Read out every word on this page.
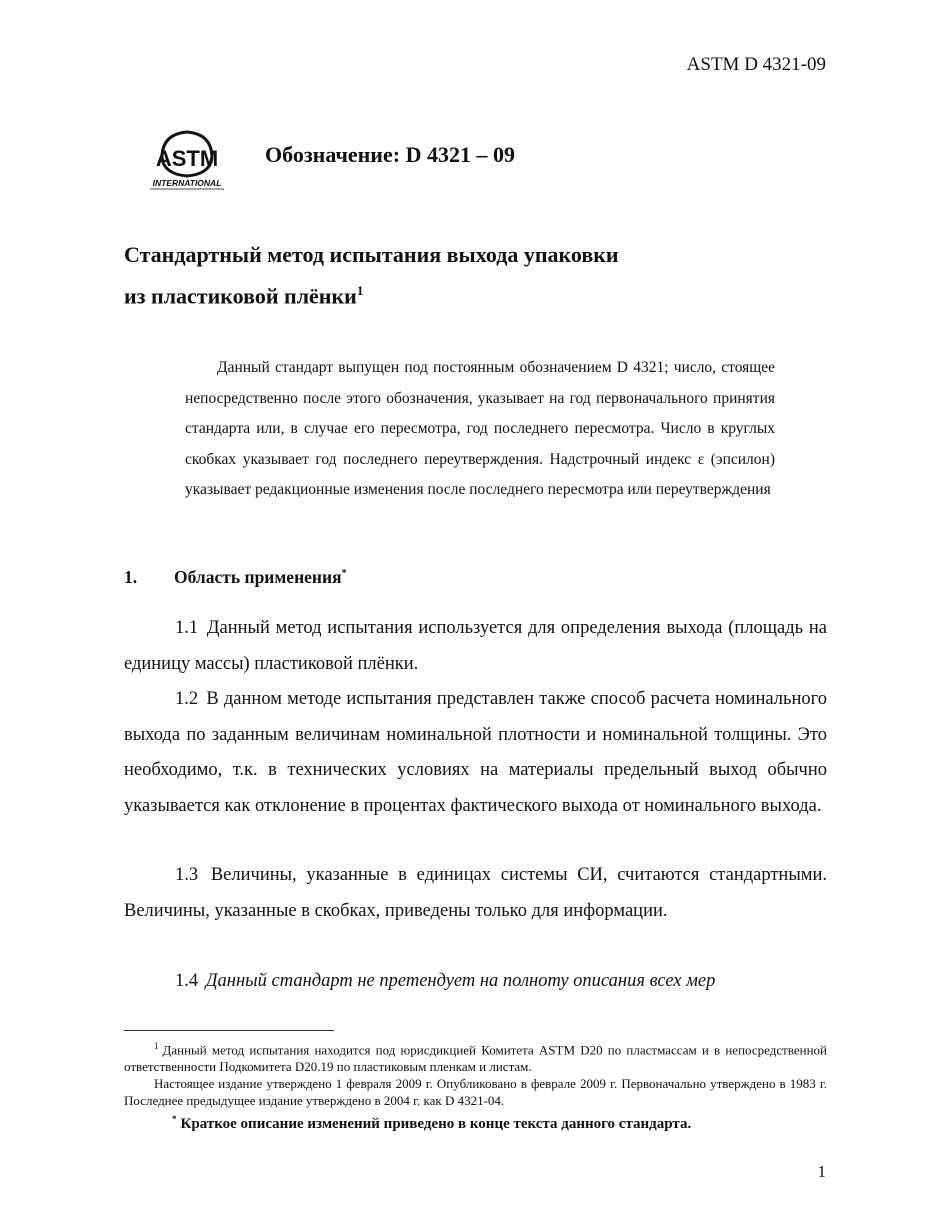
ASTM D 4321-09
ASTM
INTERNATIONAL
Обозначение: D 4321 – 09
Стандартный метод испытания выхода упаковки
из пластиковой плёнки$^1$

Данный стандарт выпущен под постоянным обозначением D 4321; число, стоящее непосредственно после этого обозначения, указывает на год первоначального принятия стандарта или, в случае его пересмотра, год последнего пересмотра. Число в круглых скобках указывает год последнего переутверждения. Надстрочный индекс ε (эпсилон) указывает редакционные изменения после последнего пересмотра или переутверждения

1. Область применения*

1.1 Данный метод испытания используется для определения выхода (площадь на единицу массы) пластиковой плёнки.

1.2 В данном методе испытания представлен также способ расчета номинального выхода по заданным величинам номинальной плотности и номинальной толщины. Это необходимо, т.к. в технических условиях на материалы предельный выход обычно указывается как отклонение в процентах фактического выхода от номинального выхода.

1.3 Величины, указанные в единицах системы СИ, считаются стандартными. Величины, указанные в скобках, приведены только для информации.

1.4 Данный стандарт не претендует на полноту описания всех мер

$^1$ Данный метод испытания находится под юрисдикцией Комитета ASTM D20 по пластмассам и в непосредственной ответственности Подкомитета D20.19 по пластиковым пленкам и листам.

Настоящее издание утверждено 1 февраля 2009 г. Опубликовано в феврале 2009 г. Первоначально утверждено в 1983 г. Последнее предыдущее издание утверждено в 2004 г. как D 4321-04.

* Краткое описание изменений приведено в конце текста данного стандарта.

1
